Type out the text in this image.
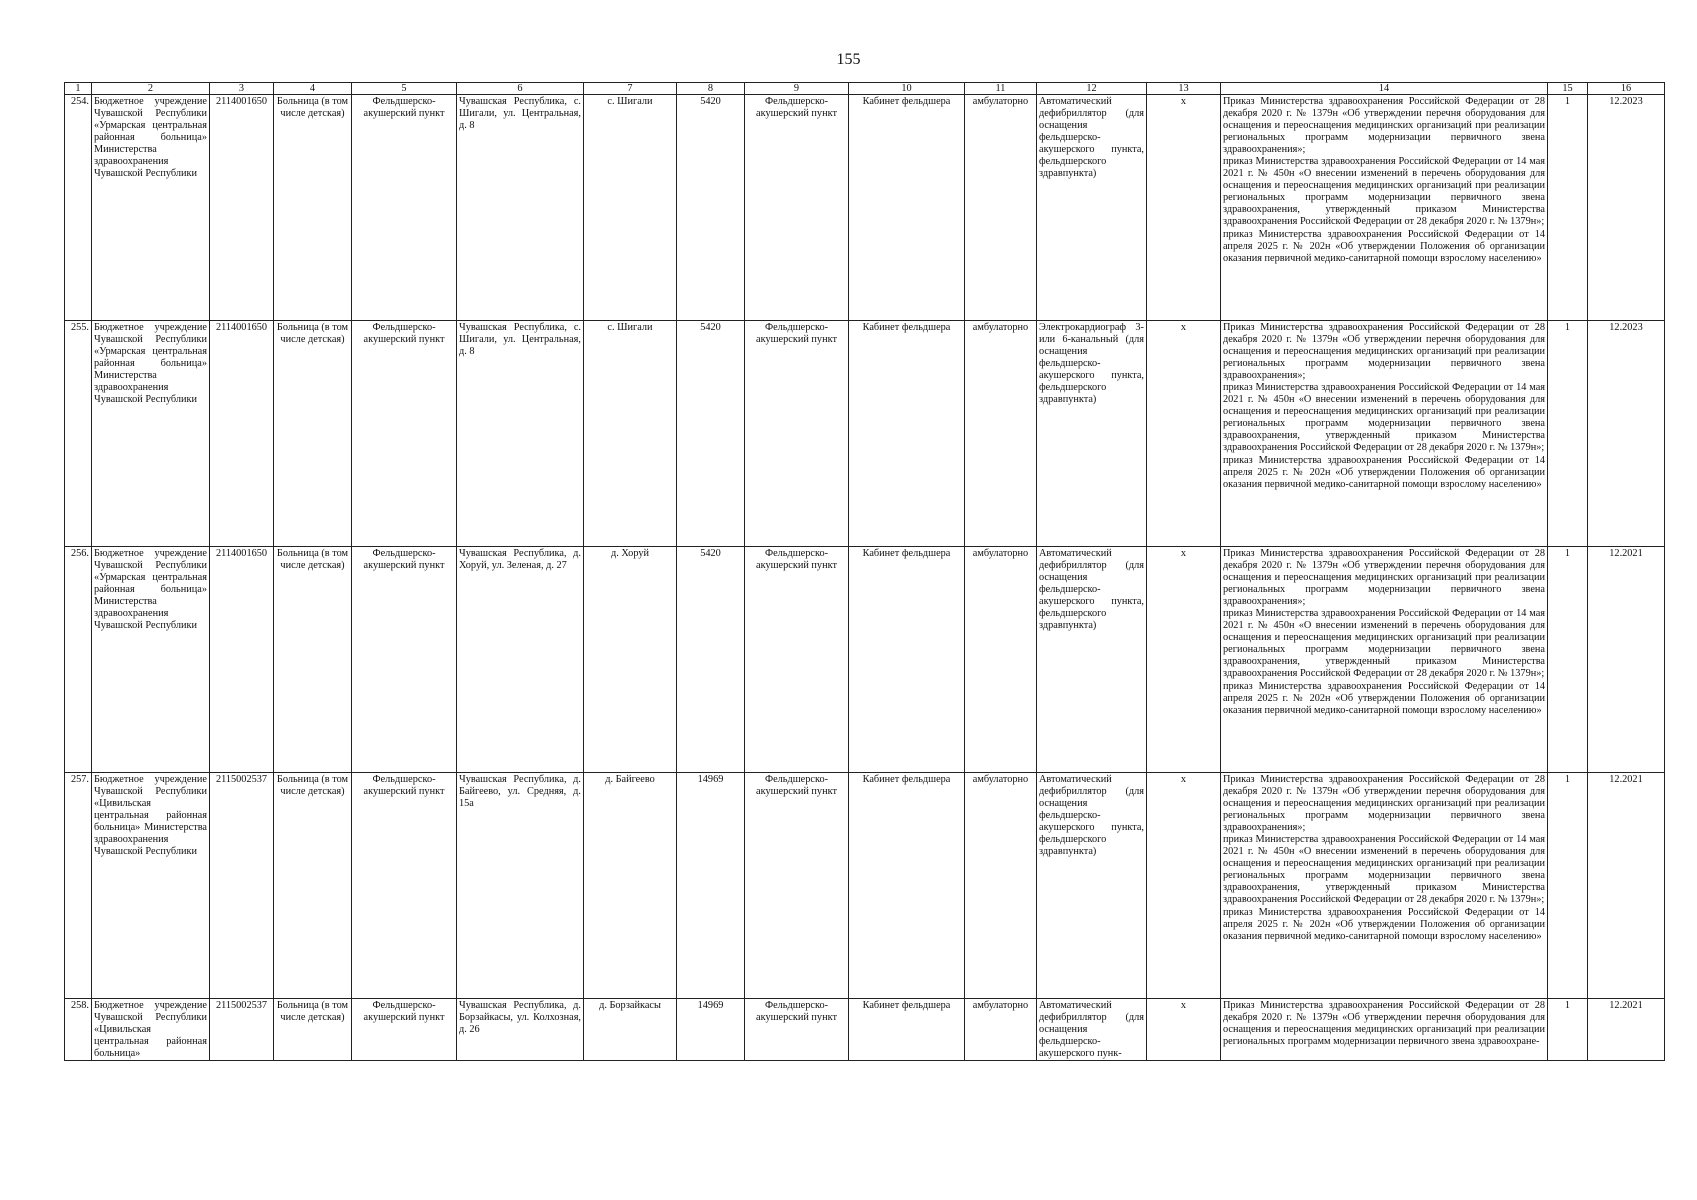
155
1	2	3	4	5	6	7	8	9	10	11	12	13	14	15	16
254.	Бюджетное учреждение Чувашской Республики «Урмарская центральная районная больница» Министерства здравоохранения Чувашской Республики	2114001650	Больница (в том числе детская)	Фельдшерско-акушерский пункт	Чувашская Республика, с. Шигали, ул. Центральная, д. 8	с. Шигали	5420	Фельдшерско-акушерский пункт	Кабинет фельдшера	амбулаторно	Автоматический дефибриллятор (для оснащения фельдшерско-акушерского пункта, фельдшерского здравпункта)	х	Приказ Министерства здравоохранения Российской Федерации от 28 декабря 2020 г. № 1379н «Об утверждении перечня оборудования для оснащения и переоснащения медицинских организаций при реализации региональных программ модернизации первичного звена здравоохранения»;
приказ Министерства здравоохранения Российской Федерации от 14 мая 2021 г. № 450н «О внесении изменений в перечень оборудования для оснащения и переоснащения медицинских организаций при реализации региональных программ модернизации первичного звена здравоохранения, утвержденный приказом Министерства здравоохранения Российской Федерации от 28 декабря 2020 г. № 1379н»;
приказ Министерства здравоохранения Российской Федерации от 14 апреля 2025 г. № 202н «Об утверждении Положения об организации оказания первичной медико-санитарной помощи взрослому населению»	1	12.2023
255.	Бюджетное учреждение Чувашской Республики «Урмарская центральная районная больница» Министерства здравоохранения Чувашской Республики	2114001650	Больница (в том числе детская)	Фельдшерско-акушерский пункт	Чувашская Республика, с. Шигали, ул. Центральная, д. 8	с. Шигали	5420	Фельдшерско-акушерский пункт	Кабинет фельдшера	амбулаторно	Электрокардиограф 3- или 6-канальный (для оснащения фельдшерско-акушерского пункта, фельдшерского здравпункта)	х	Приказ Министерства здравоохранения Российской Федерации от 28 декабря 2020 г. № 1379н «Об утверждении перечня оборудования для оснащения и переоснащения медицинских организаций при реализации региональных программ модернизации первичного звена здравоохранения»;
приказ Министерства здравоохранения Российской Федерации от 14 мая 2021 г. № 450н «О внесении изменений в перечень оборудования для оснащения и переоснащения медицинских организаций при реализации региональных программ модернизации первичного звена здравоохранения, утвержденный приказом Министерства здравоохранения Российской Федерации от 28 декабря 2020 г. № 1379н»;
приказ Министерства здравоохранения Российской Федерации от 14 апреля 2025 г. № 202н «Об утверждении Положения об организации оказания первичной медико-санитарной помощи взрослому населению»	1	12.2023
256.	Бюджетное учреждение Чувашской Республики «Урмарская центральная районная больница» Министерства здравоохранения Чувашской Республики	2114001650	Больница (в том числе детская)	Фельдшерско-акушерский пункт	Чувашская Республика, д. Хоруй, ул. Зеленая, д. 27	д. Хоруй	5420	Фельдшерско-акушерский пункт	Кабинет фельдшера	амбулаторно	Автоматический дефибриллятор (для оснащения фельдшерско-акушерского пункта, фельдшерского здравпункта)	х	Приказ Министерства здравоохранения Российской Федерации от 28 декабря 2020 г. № 1379н «Об утверждении перечня оборудования для оснащения и переоснащения медицинских организаций при реализации региональных программ модернизации первичного звена здравоохранения»;
приказ Министерства здравоохранения Российской Федерации от 14 мая 2021 г. № 450н «О внесении изменений в перечень оборудования для оснащения и переоснащения медицинских организаций при реализации региональных программ модернизации первичного звена здравоохранения, утвержденный приказом Министерства здравоохранения Российской Федерации от 28 декабря 2020 г. № 1379н»;
приказ Министерства здравоохранения Российской Федерации от 14 апреля 2025 г. № 202н «Об утверждении Положения об организации оказания первичной медико-санитарной помощи взрослому населению»	1	12.2021
257.	Бюджетное учреждение Чувашской Республики «Цивильская центральная районная больница» Министерства здравоохранения Чувашской Республики	2115002537	Больница (в том числе детская)	Фельдшерско-акушерский пункт	Чувашская Республика, д. Байгеево, ул. Средняя, д. 15а	д. Байгеево	14969	Фельдшерско-акушерский пункт	Кабинет фельдшера	амбулаторно	Автоматический дефибриллятор (для оснащения фельдшерско-акушерского пункта, фельдшерского здравпункта)	х	Приказ Министерства здравоохранения Российской Федерации от 28 декабря 2020 г. № 1379н «Об утверждении перечня оборудования для оснащения и переоснащения медицинских организаций при реализации региональных программ модернизации первичного звена здравоохранения»;
приказ Министерства здравоохранения Российской Федерации от 14 мая 2021 г. № 450н «О внесении изменений в перечень оборудования для оснащения и переоснащения медицинских организаций при реализации региональных программ модернизации первичного звена здравоохранения, утвержденный приказом Министерства здравоохранения Российской Федерации от 28 декабря 2020 г. № 1379н»;
приказ Министерства здравоохранения Российской Федерации от 14 апреля 2025 г. № 202н «Об утверждении Положения об организации оказания первичной медико-санитарной помощи взрослому населению»	1	12.2021
258.	Бюджетное учреждение Чувашской Республики «Цивильская центральная районная больница»	2115002537	Больница (в том числе детская)	Фельдшерско-акушерский пункт	Чувашская Республика, д. Борзайкасы, ул. Колхозная, д. 26	д. Борзайкасы	14969	Фельдшерско-акушерский пункт	Кабинет фельдшера	амбулаторно	Автоматический дефибриллятор (для оснащения фельдшерско-акушерского пунк-	х	Приказ Министерства здравоохранения Российской Федерации от 28 декабря 2020 г. № 1379н «Об утверждении перечня оборудования для оснащения и переоснащения медицинских организаций при реализации региональных программ модернизации первичного звена здравоохране-	1	12.2021
